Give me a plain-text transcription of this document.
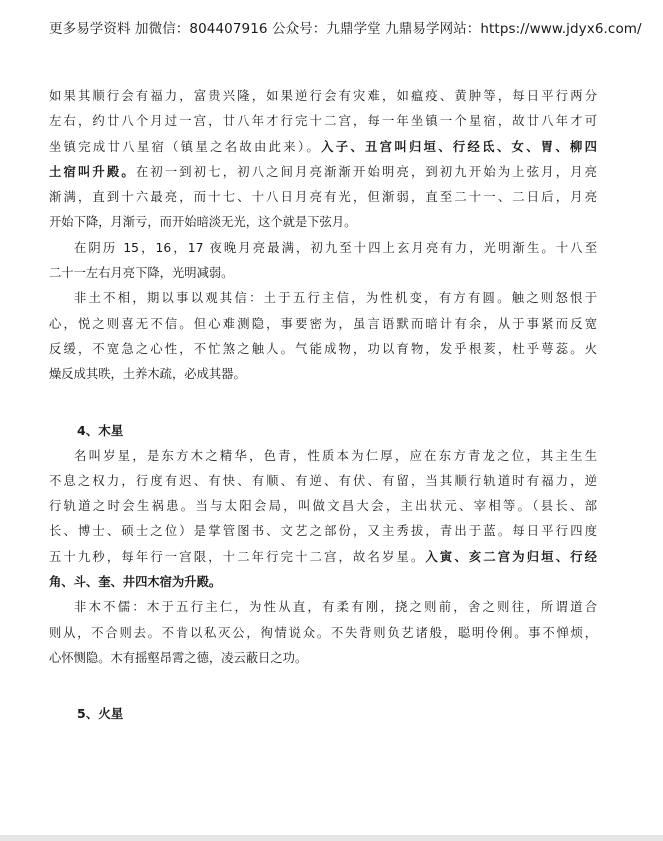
更多易学资料 加微信：804407916 公众号：九鼎学堂 九鼎易学网站：https://www.jdyx6.com/
如果其顺行会有福力，富贵兴隆，如果逆行会有灾难，如瘟疫、黄肿等，每日平行两分
左右，约廿八个月过一宫，廿八年才行完十二宫，每一年坐镇一个星宿，故廿八年才可
坐镇完成廿八星宿（镇星之名故由此来）。入子、丑宫叫归垣、行经氐、女、胃、柳四
土宿叫升殿。在初一到初七，初八之间月亮渐渐开始明亮，到初九开始为上弦月，月亮
渐满，直到十六最亮，而十七、十八日月亮有光，但渐弱，直至二十一、二日后，月亮
开始下降，月渐亏，而开始暗淡无光，这个就是下弦月。
在阴历 15，16，17 夜晚月亮最满，初九至十四上玄月亮有力，光明渐生。十八至
二十一左右月亮下降，光明减弱。
非土不相，期以事以观其信：土于五行主信，为性机变，有方有圆。触之则怒恨于
心，悦之则喜无不信。但心难测隐，事要密为，虽言语默而暗计有余，从于事紧而反宽
反缓，不宽急之心性，不忙煞之触人。气能成物，功以育物，发乎根荄，杜乎萼蕊。火
燥反成其昳，土养木疏，必成其器。
4、木星
名叫岁星，是东方木之精华，色青，性质本为仁厚，应在东方青龙之位，其主生生
不息之权力，行度有迟、有快、有顺、有逆、有伏、有留，当其顺行轨道时有福力，逆
行轨道之时会生祸患。当与太阳会局，叫做文昌大会，主出状元、宰相等。（县长、部
长、博士、硕士之位）是掌管图书、文艺之部份，又主秀拔，青出于蓝。每日平行四度
五十九秒，每年行一宫限，十二年行完十二宫，故名岁星。入寅、亥二宫为归垣、行经
角、斗、奎、井四木宿为升殿。
非木不儒：木于五行主仁，为性从直，有柔有刚，挠之则前，舍之则往，所谓道合
则从，不合则去。不肯以私灭公，徇情说众。不失背则负艺诸般，聪明伶俐。事不惮烦，
心怀恻隐。木有摇壑昂霄之德，凌云蔽日之功。
5、火星
